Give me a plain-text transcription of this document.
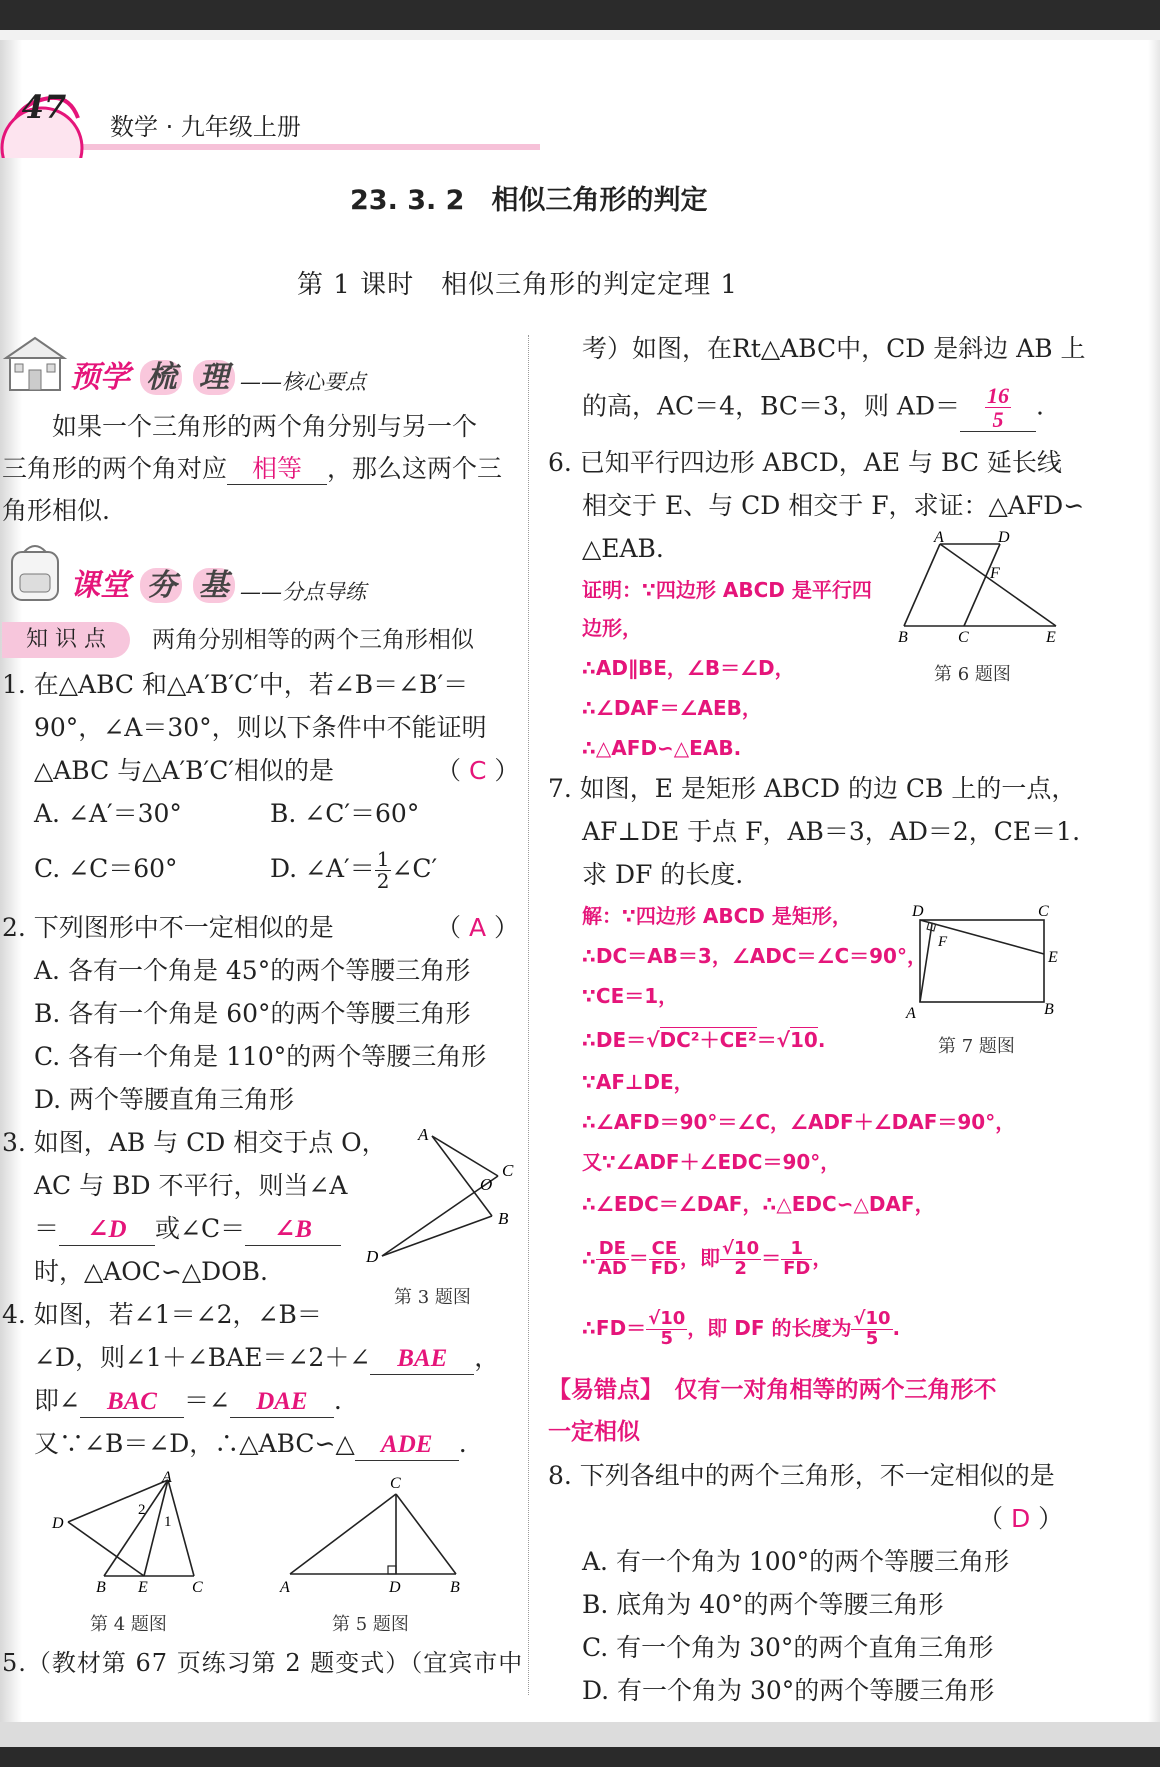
47
数学 · 九年级上册
23. 3. 2　相似三角形的判定
第 1 课时　相似三角形的判定定理 1
预学 梳 理 ——核心要点
如果一个三角形的两个角分别与另一个
三角形的两个角对应 相等 ，那么这两个三
角形相似.
课堂 夯 基 ——分点导练
知 识 点	两角分别相等的两个三角形相似
1. 在△ABC 和△A′B′C′中，若∠B＝∠B′＝
90°，∠A＝30°，则以下条件中不能证明
△ABC 与△A′B′C′相似的是	（ C ）
A. ∠A′＝30°	B. ∠C′＝60°
C. ∠C＝60°	D. ∠A′＝ $\frac{1}{2}$ ∠C′
2. 下列图形中不一定相似的是	（ A ）
A. 各有一个角是 45°的两个等腰三角形
B. 各有一个角是 60°的两个等腰三角形
C. 各有一个角是 110°的两个等腰三角形
D. 两个等腰直角三角形
3. 如图，AB 与 CD 相交于点 O，
AC 与 BD 不平行，则当∠A
＝ ∠D 或∠C＝ ∠B
时，△AOC∽△DOB.
A
C
O
B
D
第 3 题图
4. 如图，若∠1＝∠2，∠B＝
∠D，则∠1＋∠BAE＝∠2＋∠ BAE ，
即∠ BAC ＝∠ DAE .
又∵∠B＝∠D，∴△ABC∽△ ADE .
A
D
B E	C
2
1
第 4 题图
C
A	D	B
第 5 题图
5.（教材第 67 页练习第 2 题变式）（宜宾市中
考）如图，在Rt△ABC中，CD 是斜边 AB 上
的高，AC＝4，BC＝3，则 $AD= \frac{16}{5}$ .
6. 已知平行四边形 ABCD，AE 与 BC 延长线
相交于 E、与 CD 相交于 F，求证：△AFD∽
△EAB.
证明：∵四边形 ABCD 是平行四
边形，
∴AD∥BE，∠B＝∠D，
∴∠DAF＝∠AEB，
∴△AFD∽△EAB.
A	D
F
B	C	E
第 6 题图
7. 如图，E 是矩形 ABCD 的边 CB 上的一点，
AF⊥DE 于点 F，AB＝3，AD＝2，CE＝1.
求 DF 的长度.
解：∵四边形 ABCD 是矩形，
∴DC＝AB＝3，∠ADC＝∠C＝90°，
∵CE＝1，
∴DE＝√DC²＋CE²＝√10.
∵AF⊥DE，
∴∠AFD＝90°＝∠C，∠ADF＋∠DAF＝90°，
又∵∠ADF＋∠EDC＝90°，
∴∠EDC＝∠DAF，∴△EDC∽△DAF，
∴ $\frac{DE}{AD} = \frac{CE}{FD}$ ，即 $\frac{√10}{2} = \frac{1}{FD}$ ，
∴FD＝ $\frac{√10}{5}$ ，即 DF 的长度为 $\frac{√10}{5}$ .
D	C
F
E
A	B
第 7 题图
【易错点】　 仅有一对角相等的两个三角形不
一定相似
8. 下列各组中的两个三角形，不一定相似的是
（ D ）
A. 有一个角为 100°的两个等腰三角形
B. 底角为 40°的两个等腰三角形
C. 有一个角为 30°的两个直角三角形
D. 有一个角为 30°的两个等腰三角形
